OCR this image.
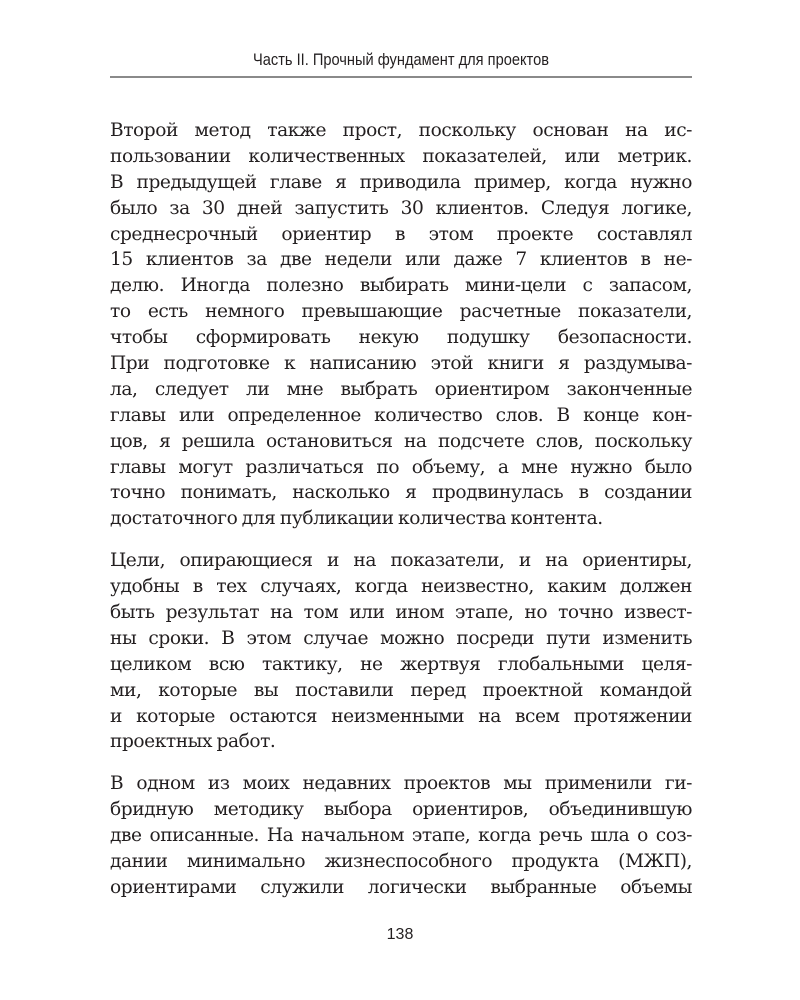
Часть II. Прочный фундамент для проектов
Второй метод также прост, поскольку основан на ис-
пользовании количественных показателей, или метрик.
В предыдущей главе я приводила пример, когда нужно
было за 30 дней запустить 30 клиентов. Следуя логике,
среднесрочный ориентир в этом проекте составлял
15 клиентов за две недели или даже 7 клиентов в не-
делю. Иногда полезно выбирать мини-цели с запасом,
то есть немного превышающие расчетные показатели,
чтобы сформировать некую подушку безопасности.
При подготовке к написанию этой книги я раздумыва-
ла, следует ли мне выбрать ориентиром законченные
главы или определенное количество слов. В конце кон-
цов, я решила остановиться на подсчете слов, поскольку
главы могут различаться по объему, а мне нужно было
точно понимать, насколько я продвинулась в создании
достаточного для публикации количества контента.
Цели, опирающиеся и на показатели, и на ориентиры,
удобны в тех случаях, когда неизвестно, каким должен
быть результат на том или ином этапе, но точно извест-
ны сроки. В этом случае можно посреди пути изменить
целиком всю тактику, не жертвуя глобальными целя-
ми, которые вы поставили перед проектной командой
и которые остаются неизменными на всем протяжении
проектных работ.
В одном из моих недавних проектов мы применили ги-
бридную методику выбора ориентиров, объединившую
две описанные. На начальном этапе, когда речь шла о соз-
дании минимально жизнеспособного продукта (МЖП),
ориентирами служили логически выбранные объемы
138
